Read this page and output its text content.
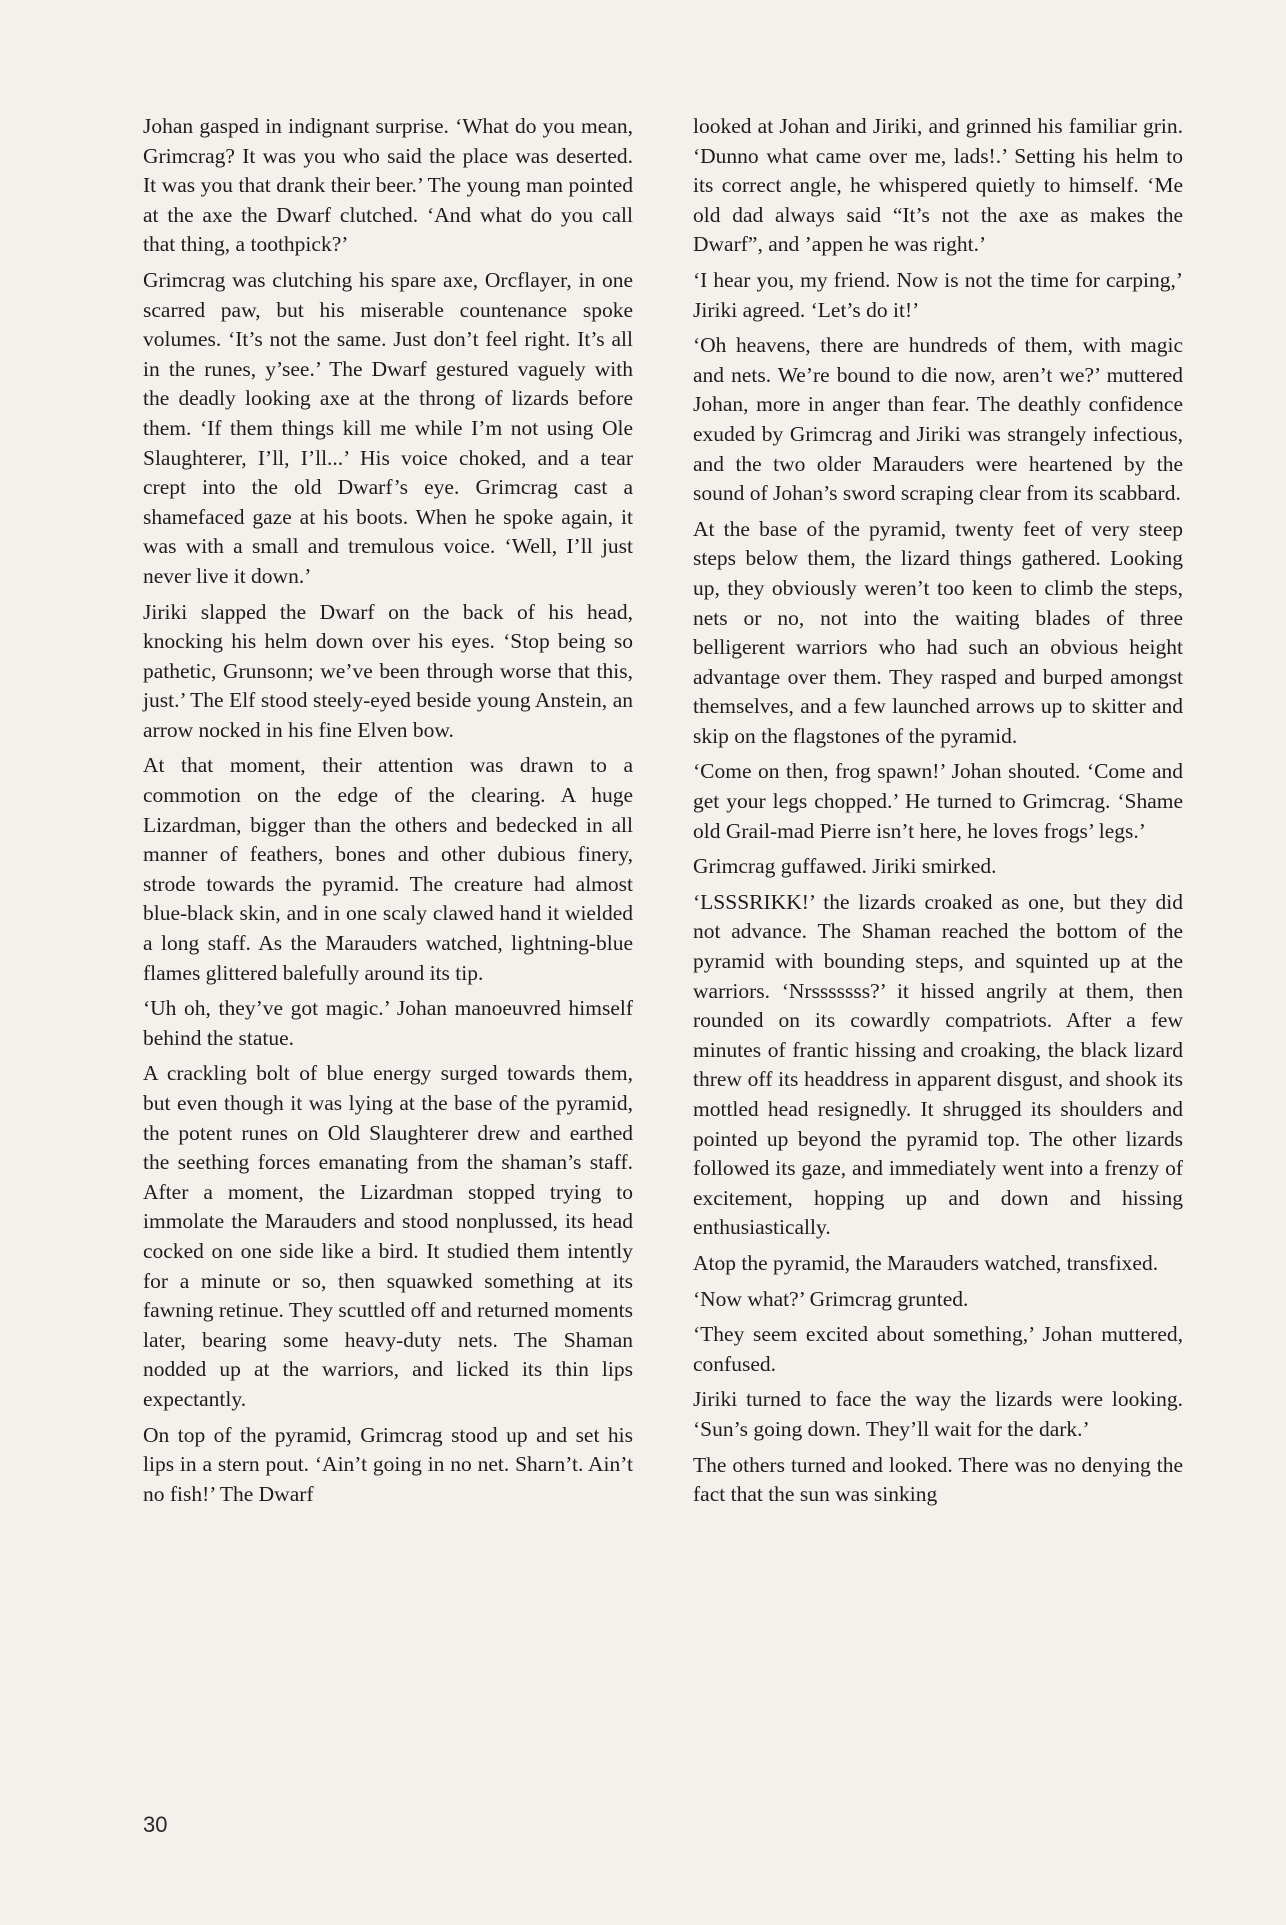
Johan gasped in indignant surprise. ‘What do you mean, Grimcrag? It was you who said the place was deserted. It was you that drank their beer.’ The young man pointed at the axe the Dwarf clutched. ‘And what do you call that thing, a toothpick?’

Grimcrag was clutching his spare axe, Orcflayer, in one scarred paw, but his miserable countenance spoke volumes. ‘It’s not the same. Just don’t feel right. It’s all in the runes, y’see.’ The Dwarf gestured vaguely with the deadly looking axe at the throng of lizards before them. ‘If them things kill me while I’m not using Ole Slaughterer, I’ll, I’ll...’ His voice choked, and a tear crept into the old Dwarf’s eye. Grimcrag cast a shamefaced gaze at his boots. When he spoke again, it was with a small and tremulous voice. ‘Well, I’ll just never live it down.’

Jiriki slapped the Dwarf on the back of his head, knocking his helm down over his eyes. ‘Stop being so pathetic, Grunsonn; we’ve been through worse that this, just.’ The Elf stood steely-eyed beside young Anstein, an arrow nocked in his fine Elven bow.

At that moment, their attention was drawn to a commotion on the edge of the clearing. A huge Lizardman, bigger than the others and bedecked in all manner of feathers, bones and other dubious finery, strode towards the pyramid. The creature had almost blue-black skin, and in one scaly clawed hand it wielded a long staff. As the Marauders watched, lightning-blue flames glittered balefully around its tip.

‘Uh oh, they’ve got magic.’ Johan manoeuvred himself behind the statue.

A crackling bolt of blue energy surged towards them, but even though it was lying at the base of the pyramid, the potent runes on Old Slaughterer drew and earthed the seething forces emanating from the shaman’s staff. After a moment, the Lizardman stopped trying to immolate the Marauders and stood nonplussed, its head cocked on one side like a bird. It studied them intently for a minute or so, then squawked something at its fawning retinue. They scuttled off and returned moments later, bearing some heavy-duty nets. The Shaman nodded up at the warriors, and licked its thin lips expectantly.

On top of the pyramid, Grimcrag stood up and set his lips in a stern pout. ‘Ain’t going in no net. Sharn’t. Ain’t no fish!’ The Dwarf

looked at Johan and Jiriki, and grinned his familiar grin. ‘Dunno what came over me, lads!.’ Setting his helm to its correct angle, he whispered quietly to himself. ‘Me old dad always said “It’s not the axe as makes the Dwarf”, and ’appen he was right.’

‘I hear you, my friend. Now is not the time for carping,’ Jiriki agreed. ‘Let’s do it!’

‘Oh heavens, there are hundreds of them, with magic and nets. We’re bound to die now, aren’t we?’ muttered Johan, more in anger than fear. The deathly confidence exuded by Grimcrag and Jiriki was strangely infectious, and the two older Marauders were heartened by the sound of Johan’s sword scraping clear from its scabbard.

At the base of the pyramid, twenty feet of very steep steps below them, the lizard things gathered. Looking up, they obviously weren’t too keen to climb the steps, nets or no, not into the waiting blades of three belligerent warriors who had such an obvious height advantage over them. They rasped and burped amongst themselves, and a few launched arrows up to skitter and skip on the flagstones of the pyramid.

‘Come on then, frog spawn!’ Johan shouted. ‘Come and get your legs chopped.’ He turned to Grimcrag. ‘Shame old Grail-mad Pierre isn’t here, he loves frogs’ legs.’

Grimcrag guffawed. Jiriki smirked.

‘LSSSRIKK!’ the lizards croaked as one, but they did not advance. The Shaman reached the bottom of the pyramid with bounding steps, and squinted up at the warriors. ‘Nrsssssss?’ it hissed angrily at them, then rounded on its cowardly compatriots. After a few minutes of frantic hissing and croaking, the black lizard threw off its headdress in apparent disgust, and shook its mottled head resignedly. It shrugged its shoulders and pointed up beyond the pyramid top. The other lizards followed its gaze, and immediately went into a frenzy of excitement, hopping up and down and hissing enthusiastically.

Atop the pyramid, the Marauders watched, transfixed.

‘Now what?’ Grimcrag grunted.

‘They seem excited about something,’ Johan muttered, confused.

Jiriki turned to face the way the lizards were looking. ‘Sun’s going down. They’ll wait for the dark.’

The others turned and looked. There was no denying the fact that the sun was sinking

30
